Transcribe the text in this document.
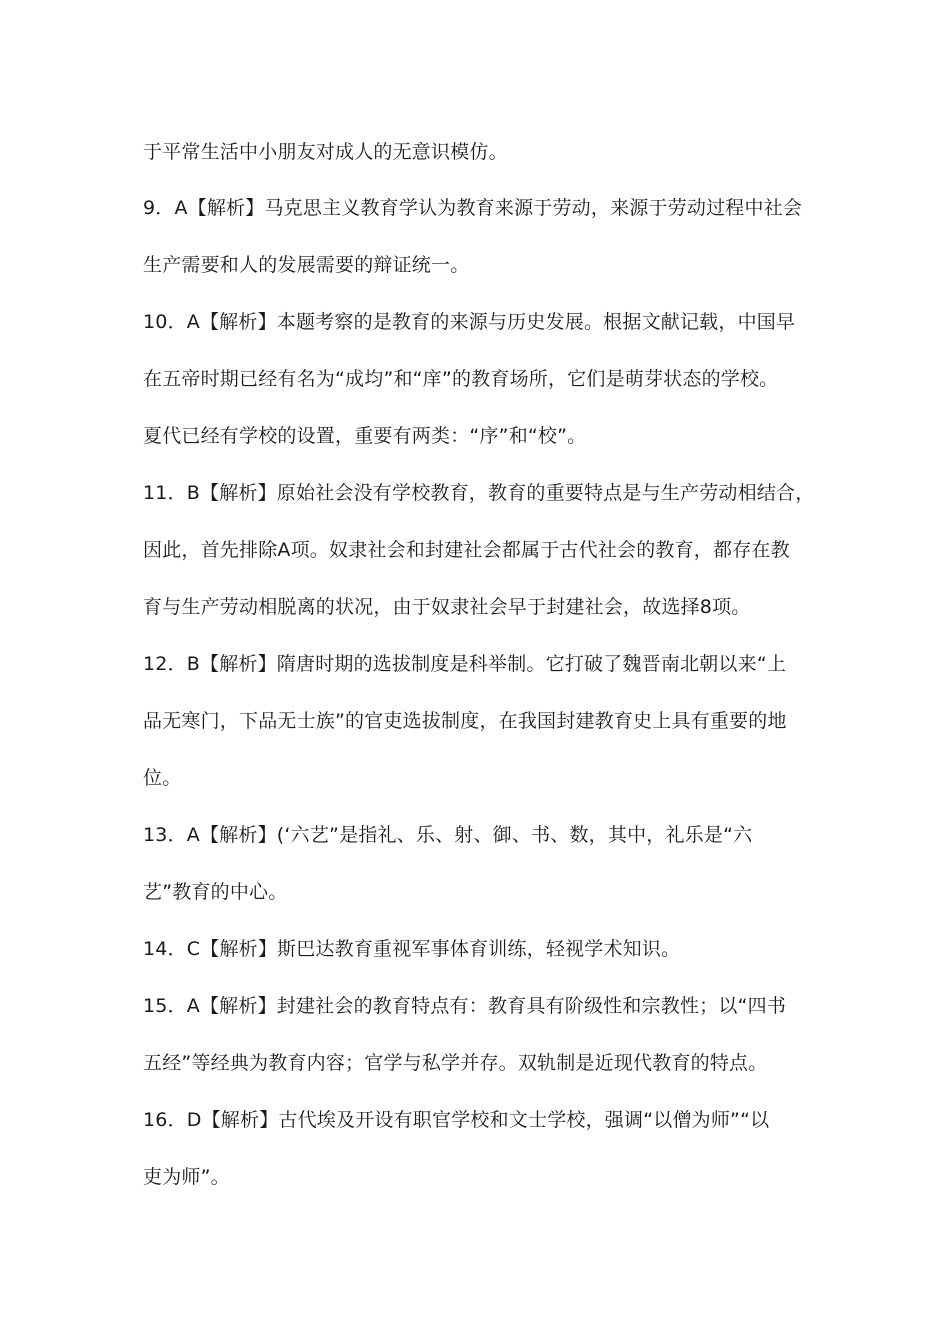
于平常生活中小朋友对成人的无意识模仿。
9．A【解析】马克思主义教育学认为教育来源于劳动，来源于劳动过程中社会
生产需要和人的发展需要的辩证统一。
10．A【解析】本题考察的是教育的来源与历史发展。根据文献记载，中国早
在五帝时期已经有名为“成均”和“庠”的教育场所，它们是萌芽状态的学校。
夏代已经有学校的设置，重要有两类：“序”和“校”。
11．B【解析】原始社会没有学校教育，教育的重要特点是与生产劳动相结合，
因此，首先排除A项。奴隶社会和封建社会都属于古代社会的教育，都存在教
育与生产劳动相脱离的状况，由于奴隶社会早于封建社会，故选择8项。
12．B【解析】隋唐时期的选拔制度是科举制。它打破了魏晋南北朝以来“上
品无寒门，下品无士族”的官吏选拔制度，在我国封建教育史上具有重要的地
位。
13．A【解析】(‘六艺”是指礼、乐、射、御、书、数，其中，礼乐是“六
艺”教育的中心。
14．C【解析】斯巴达教育重视军事体育训练，轻视学术知识。
15．A【解析】封建社会的教育特点有：教育具有阶级性和宗教性；以“四书
五经”等经典为教育内容；官学与私学并存。双轨制是近现代教育的特点。
16．D【解析】古代埃及开设有职官学校和文士学校，强调“以僧为师”“以
吏为师”。
